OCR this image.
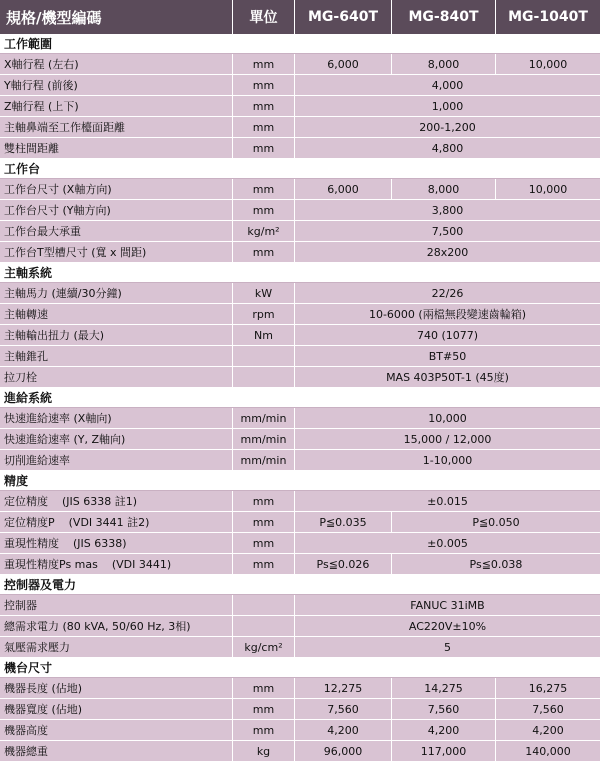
規格/機型編碼	單位	MG-640T	MG-840T	MG-1040T
工作範圍				
X軸行程 (左右)	mm	6,000	8,000	10,000
Y軸行程 (前後)	mm	4,000		
Z軸行程 (上下)	mm	1,000		
主軸鼻端至工作檯面距離	mm	200-1,200		
雙柱間距離	mm	4,800		
工作台				
工作台尺寸 (X軸方向)	mm	6,000	8,000	10,000
工作台尺寸 (Y軸方向)	mm	3,800		
工作台最大承重	kg/m²	7,500		
工作台T型槽尺寸 (寬 x 間距)	mm	28x200		
主軸系統				
主軸馬力 (連續/30分鐘)	kW	22/26		
主軸轉速	rpm	10-6000 (兩檔無段變速齒輪箱)		
主軸輸出扭力 (最大)	Nm	740 (1077)		
主軸錐孔		BT#50		
拉刀栓		MAS 403P50T-1 (45度)		
進給系統				
快速進給速率 (X軸向)	mm/min	10,000		
快速進給速率 (Y, Z軸向)	mm/min	15,000 / 12,000		
切削進給速率	mm/min	1-10,000		
精度				
定位精度 (JIS 6338 註1)	mm	±0.015		
定位精度P (VDI 3441 註2)	mm	P≦0.035	P≦0.050	
重現性精度 (JIS 6338)	mm	±0.005		
重現性精度Ps mas (VDI 3441)	mm	Ps≦0.026	Ps≦0.038	
控制器及電力				
控制器		FANUC 31iMB		
總需求電力 (80 kVA, 50/60 Hz, 3相)		AC220V±10%		
氣壓需求壓力	kg/cm²	5		
機台尺寸				
機器長度 (佔地)	mm	12,275	14,275	16,275
機器寬度 (佔地)	mm	7,560	7,560	7,560
機器高度	mm	4,200	4,200	4,200
機器總重	kg	96,000	117,000	140,000
